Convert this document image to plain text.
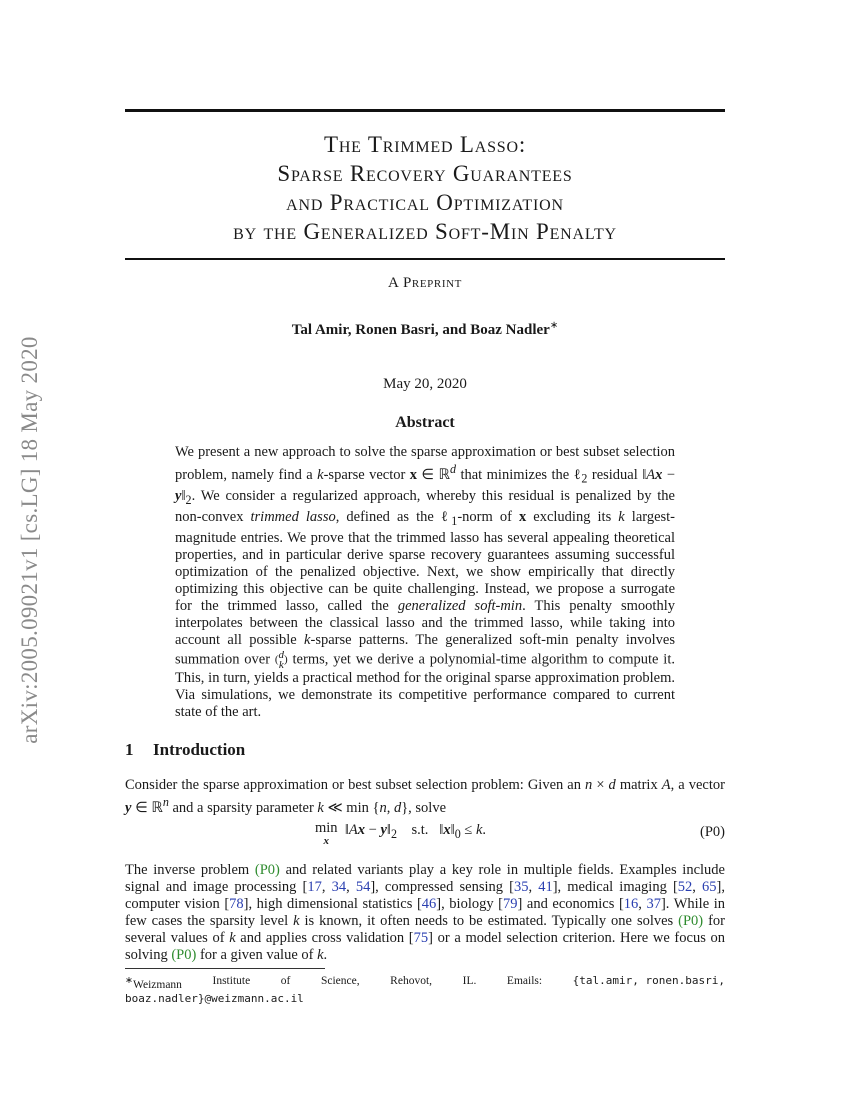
arXiv:2005.09021v1 [cs.LG] 18 May 2020
The Trimmed Lasso:
Sparse Recovery Guarantees
and Practical Optimization
by the Generalized Soft-Min Penalty
A Preprint
Tal Amir, Ronen Basri, and Boaz Nadler∗
May 20, 2020
Abstract
We present a new approach to solve the sparse approximation or best subset selection problem, namely find a k-sparse vector x ∈ ℝ$^d$ that minimizes the ℓ$_2$ residual ‖Ax − $y‖_2$. We consider a regularized approach, whereby this residual is penalized by the non-convex trimmed lasso, defined as the ℓ$_1$-norm of x excluding its k largest-magnitude entries. We prove that the trimmed lasso has several appealing theoretical properties, and in particular derive sparse recovery guarantees assuming successful optimization of the penalized objective. Next, we show empirically that directly optimizing this objective can be quite challenging. Instead, we propose a surrogate for the trimmed lasso, called the generalized soft-min. This penalty smoothly interpolates between the classical lasso and the trimmed lasso, while taking into account all possible k-sparse patterns. The generalized soft-min penalty involves summation over (d
k) terms, yet we derive a polynomial-time algorithm to compute it. This, in turn, yields a practical method for the original sparse approximation problem. Via simulations, we demonstrate its competitive performance compared to current state of the art.
1 Introduction
Consider the sparse approximation or best subset selection problem: Given an n × d matrix A, a vector y ∈ ℝ$^n$ and a sparsity parameter k ≪ min {n, d}, solve
min
x  ‖Ax − $y‖_2$ s.t.   $‖x‖_0 \le k$.	(P0)
The inverse problem (P0) and related variants play a key role in multiple fields. Examples include signal and image processing [17, 34, 54], compressed sensing [35, 41], medical imaging [52, 65], computer vision [78], high dimensional statistics [46], biology [79] and economics [16, 37]. While in few cases the sparsity level k is known, it often needs to be estimated. Typically one solves (P0) for several values of k and applies cross validation [75] or a model selection criterion. Here we focus on solving (P0) for a given value of k.
∗Weizmann	Institute	of	Science,	Rehovot,	IL.	Emails:	{tal.amir, ronen.basri,
boaz.nadler}@weizmann.ac.il
